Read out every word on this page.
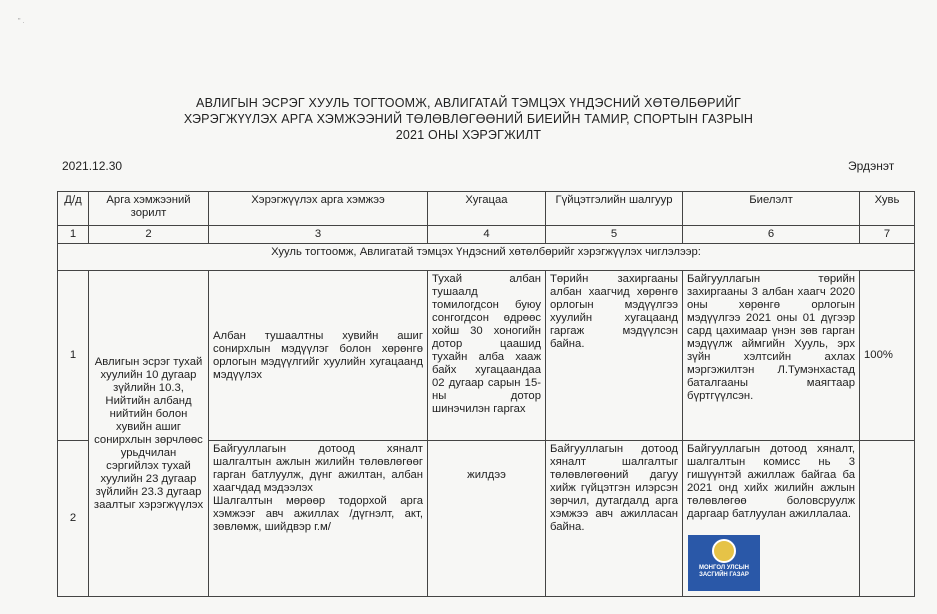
" .
АВЛИГЫН ЭСРЭГ ХУУЛЬ ТОГТООМЖ, АВЛИГАТАЙ ТЭМЦЭХ ҮНДЭСНИЙ ХӨТӨЛБӨРИЙГ
ХЭРЭГЖҮҮЛЭХ АРГА ХЭМЖЭЭНИЙ ТӨЛӨВЛӨГӨӨНИЙ БИЕИЙН ТАМИР, СПОРТЫН ГАЗРЫН
2021 ОНЫ ХЭРЭГЖИЛТ
2021.12.30	Эрдэнэт
Д/д	Арга хэмжээний зорилт	Хэрэгжүүлэх арга хэмжээ	Хугацаа	Гүйцэтгэлийн шалгуур	Биелэлт	Хувь
1	2	3	4	5	6	7
Хууль тогтоомж, Авлигатай тэмцэх Үндэсний хөтөлбөрийг хэрэгжүүлэх чиглэлээр:						
1	Авлигын эсрэг тухай хуулийн 10 дугаар зүйлийн 10.3, Нийтийн албанд нийтийн болон хувийн ашиг сонирхлын зөрчлөөс урьдчилан сэргийлэх тухай хуулийн 23 дугаар зүйлийн 23.3 дугаар заалтыг хэрэгжүүлэх	Албан тушаалтны хувийн ашиг сонирхлын мэдүүлэг болон хөрөнгө орлогын мэдүүлгийг хуулийн хугацаанд мэдүүлэх	Тухай албан тушаалд томилогдсон буюу сонгогдсон өдрөөс хойш 30 хоногийн дотор цаашид тухайн алба хааж байх хугацаандаа 02 дугаар сарын 15-ны дотор шинэчилэн гаргах	Төрийн захиргааны албан хаагчид хөрөнгө орлогын мэдүүлгээ хуулийн хугацаанд гаргаж мэдүүлсэн байна.	Байгууллагын төрийн захиргааны 3 албан хаагч 2020 оны хөрөнгө орлогын мэдүүлгээ 2021 оны 01 дүгээр сард цахимаар үнэн зөв гарган мэдүүлж аймгийн Хууль, эрх зүйн хэлтсийн ахлах мэргэжилтэн Л.Тумэнхастад баталгааны маягтаар бүртгүүлсэн.	100%
2		Байгууллагын дотоод хяналт шалгалтын ажлын жилийн төлөвлөгөөг гарган батлуулж, дүнг ажилтан, албан хаагчдад мэдээлэх
Шалгалтын мөрөөр тодорхой арга хэмжээг авч ажиллах /дүгнэлт, акт, зөвлөмж, шийдвэр г.м/	жилдээ	Байгууллагын дотоод хяналт шалгалтыг төлөвлөгөөний дагуу хийж гүйцэтгэн илэрсэн зөрчил, дутагдалд арга хэмжээ авч ажилласан байна.	Байгууллагын дотоод хяналт, шалгалтын комисс нь 3 гишүүнтэй ажиллаж байгаа ба 2021 онд хийх жилийн ажлын төлөвлөгөө боловсруулж даргаар батлуулан ажиллалаа.	
МОНГОЛ УЛСЫН
ЗАСГИЙН ГАЗАР
